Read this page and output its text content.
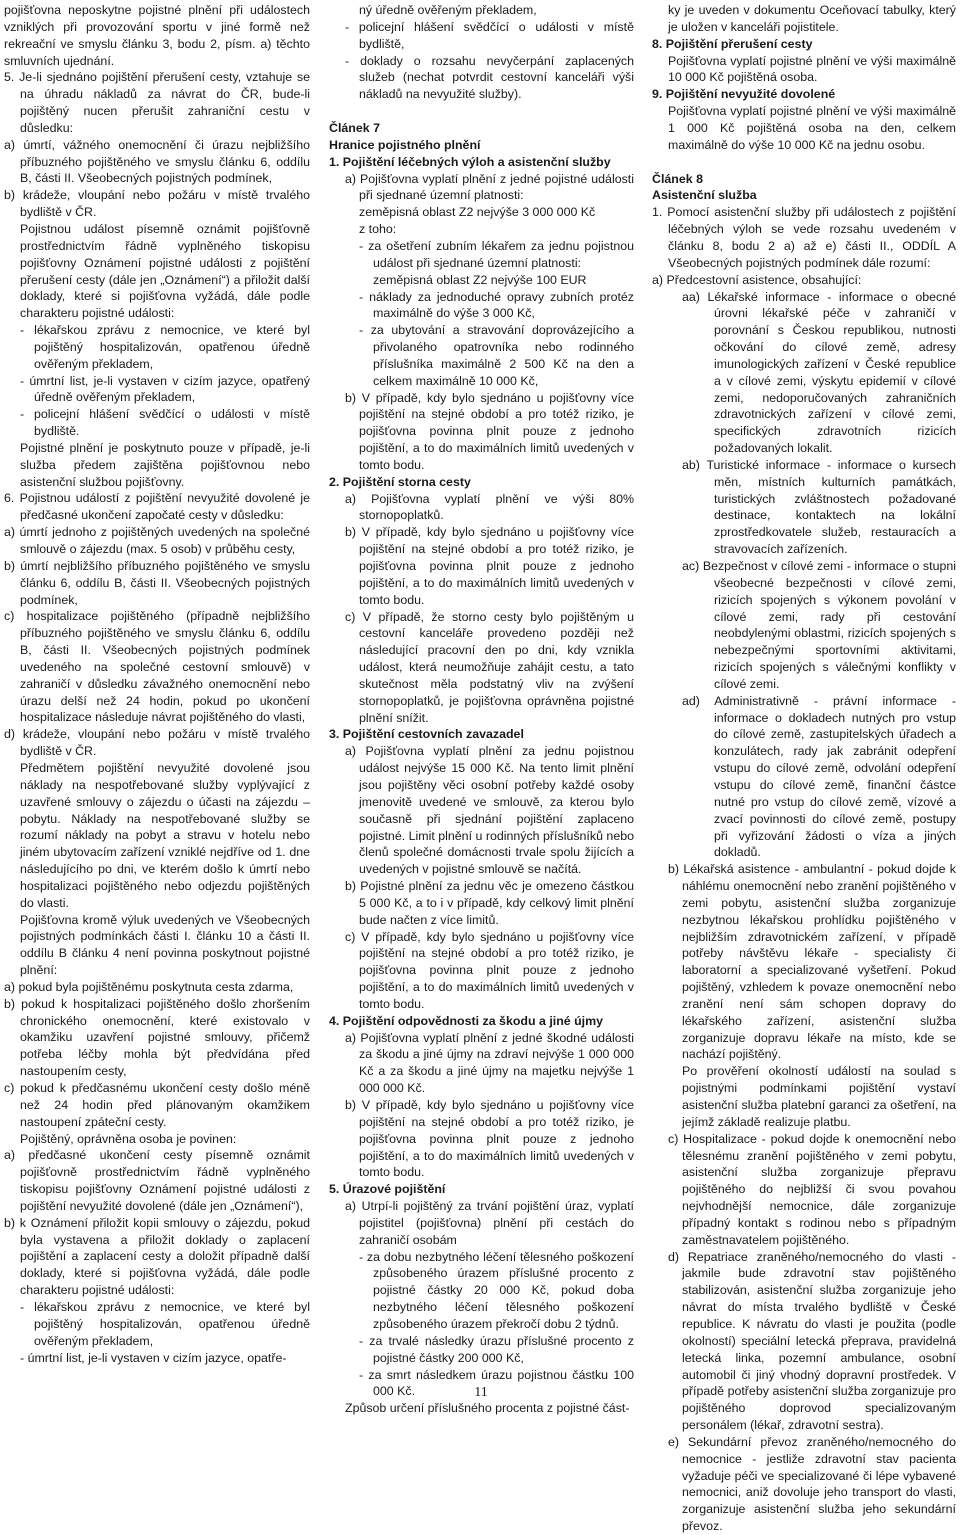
pojišťovna neposkytne pojistné plnění při událostech vzniklých při provozování sportu v jiné formě než rekreační ve smyslu článku 3, bodu 2, písm. a) těchto smluvních ujednání.

5. Je-li sjednáno pojištění přerušení cesty, vztahuje se na úhradu nákladů za návrat do ČR, bude-li pojištěný nucen přerušit zahraniční cestu v důsledku:

a) úmrtí, vážného onemocnění či úrazu nejbližšího příbuzného pojištěného ve smyslu článku 6, oddílu B, části II. Všeobecných pojistných podmínek,

b) krádeže, vloupání nebo požáru v místě trvalého bydliště v ČR.

Pojistnou událost písemně oznámit pojišťovně prostřednictvím řádně vyplněného tiskopisu pojišťovny Oznámení pojistné události z pojištění přerušení cesty (dále jen „Oznámení“) a přiložit další doklady, které si pojišťovna vyžádá, dále podle charakteru pojistné události:

- lékařskou zprávu z nemocnice, ve které byl pojištěný hospitalizován, opatřenou úředně ověřeným překladem,

- úmrtní list, je-li vystaven v cizím jazyce, opatřený úředně ověřeným překladem,

- policejní hlášení svědčící o události v místě bydliště.

Pojistné plnění je poskytnuto pouze v případě, je-li služba předem zajištěna pojišťovnou nebo asistenční službou pojišťovny.

6. Pojistnou událostí z pojištění nevyužité dovolené je předčasné ukončení započaté cesty v důsledku:

a) úmrtí jednoho z pojištěných uvedených na společné smlouvě o zájezdu (max. 5 osob) v průběhu cesty,

b) úmrtí nejbližšího příbuzného pojištěného ve smyslu článku 6, oddílu B, části II. Všeobecných pojistných podmínek,

c) hospitalizace pojištěného (případně nejbližšího příbuzného pojištěného ve smyslu článku 6, oddílu B, části II. Všeobecných pojistných podmínek uvedeného na společné cestovní smlouvě) v zahraničí v důsledku závažného onemocnění nebo úrazu delší než 24 hodin, pokud po ukončení hospitalizace následuje návrat pojištěného do vlasti,

d) krádeže, vloupání nebo požáru v místě trvalého bydliště v ČR.

Předmětem pojištění nevyužité dovolené jsou náklady na nespotřebované služby vyplývající z uzavřené smlouvy o zájezdu o účasti na zájezdu – pobytu. Náklady na nespotřebované služby se rozumí náklady na pobyt a stravu v hotelu nebo jiném ubytovacím zařízení vzniklé nejdříve od 1. dne následujícího po dni, ve kterém došlo k úmrtí nebo hospitalizaci pojištěného nebo odjezdu pojištěných do vlasti.

Pojišťovna kromě výluk uvedených ve Všeobecných pojistných podmínkách části I. článku 10 a části II. oddílu B článku 4 není povinna poskytnout pojistné plnění:

a) pokud byla pojištěnému poskytnuta cesta zdarma,

b) pokud k hospitalizaci pojištěného došlo zhoršením chronického onemocnění, které existovalo v okamžiku uzavření pojistné smlouvy, přičemž potřeba léčby mohla být předvídána před nastoupením cesty,

c) pokud k předčasnému ukončení cesty došlo méně než 24 hodin před plánovaným okamžikem nastoupení zpáteční cesty.

Pojištěný, oprávněna osoba je povinen:

a) předčasné ukončení cesty písemně oznámit pojišťovně prostřednictvím řádně vyplněného tiskopisu pojišťovny Oznámení pojistné události z pojištění nevyužité dovolené (dále jen „Oznámení“),

b) k Oznámení přiložit kopii smlouvy o zájezdu, pokud byla vystavena a přiložit doklady o zaplacení pojištění a zaplacení cesty a doložit případně další doklady, které si pojišťovna vyžádá, dále podle charakteru pojistné události:

- lékařskou zprávu z nemocnice, ve které byl pojištěný hospitalizován, opatřenou úředně ověřeným překladem,

- úmrtní list, je-li vystaven v cizím jazyce, opatře-

ný úředně ověřeným překladem,

- policejní hlášení svědčící o události v místě bydliště,

- doklady o rozsahu nevyčerpání zaplacených služeb (nechat potvrdit cestovní kanceláři výši nákladů na nevyužité služby).

Článek 7

Hranice pojistného plnění

1. Pojištění léčebných výloh a asistenční služby

a) Pojišťovna vyplatí plnění z jedné pojistné události při sjednané územní platnosti:

zeměpisná oblast Z2 nejvýše 3 000 000 Kč

z toho:

- za ošetření zubním lékařem za jednu pojistnou událost při sjednané územní platnosti:

zeměpisná oblast Z2 nejvýše 100 EUR

- náklady za jednoduché opravy zubních protéz maximálně do výše 3 000 Kč,

- za ubytování a stravování doprovázejícího a přivolaného opatrovníka nebo rodinného příslušníka maximálně 2 500 Kč na den a celkem maximálně 10 000 Kč,

b) V případě, kdy bylo sjednáno u pojišťovny více pojištění na stejné období a pro totéž riziko, je pojišťovna povinna plnit pouze z jednoho pojištění, a to do maximálních limitů uvedených v tomto bodu.

2. Pojištění storna cesty

a) Pojišťovna vyplatí plnění ve výši 80% stornopoplatků.

b) V případě, kdy bylo sjednáno u pojišťovny více pojištění na stejné období a pro totéž riziko, je pojišťovna povinna plnit pouze z jednoho pojištění, a to do maximálních limitů uvedených v tomto bodu.

c) V případě, že storno cesty bylo pojištěným u cestovní kanceláře provedeno později než následující pracovní den po dni, kdy vznikla událost, která neumožňuje zahájit cestu, a tato skutečnost měla podstatný vliv na zvýšení stornopoplatků, je pojišťovna oprávněna pojistné plnění snížit.

3. Pojištění cestovních zavazadel

a) Pojišťovna vyplatí plnění za jednu pojistnou událost nejvýše 15 000 Kč. Na tento limit plnění jsou pojištěny věci osobní potřeby každé osoby jmenovitě uvedené ve smlouvě, za kterou bylo současně při sjednání pojištění zaplaceno pojistné. Limit plnění u rodinných příslušníků nebo členů společné domácnosti trvale spolu žijících a uvedených v pojistné smlouvě se načítá.

b) Pojistné plnění za jednu věc je omezeno částkou 5 000 Kč, a to i v případě, kdy celkový limit plnění bude načten z více limitů.

c) V případě, kdy bylo sjednáno u pojišťovny více pojištění na stejné období a pro totéž riziko, je pojišťovna povinna plnit pouze z jednoho pojištění, a to do maximálních limitů uvedených v tomto bodu.

4. Pojištění odpovědnosti za škodu a jiné újmy

a) Pojišťovna vyplatí plnění z jedné škodné události za škodu a jiné újmy na zdraví nejvýše 1 000 000 Kč a za škodu a jiné újmy na majetku nejvýše 1 000 000 Kč.

b) V případě, kdy bylo sjednáno u pojišťovny více pojištění na stejné období a pro totéž riziko, je pojišťovna povinna plnit pouze z jednoho pojištění, a to do maximálních limitů uvedených v tomto bodu.

5. Úrazové pojištění

a) Utrpí-li pojištěný za trvání pojištění úraz, vyplatí pojistitel (pojišťovna) plnění při cestách do zahraničí osobám

- za dobu nezbytného léčení tělesného poškození způsobeného úrazem příslušné procento z pojistné částky 20 000 Kč, pokud doba nezbytného léčení tělesného poškození způsobeného úrazem překročí dobu 2 týdnů.

- za trvalé následky úrazu příslušné procento z pojistné částky 200 000 Kč,

- za smrt následkem úrazu pojistnou částku 100 000 Kč.

Způsob určení příslušného procenta z pojistné část-

ky je uveden v dokumentu Oceňovací tabulky, který je uložen v kanceláři pojistitele.

8. Pojištění přerušení cesty

Pojišťovna vyplatí pojistné plnění ve výši maximálně 10 000 Kč pojištěná osoba.

9. Pojištění nevyužité dovolené

Pojišťovna vyplatí pojistné plnění ve výši maximálně 1 000 Kč pojištěná osoba na den, celkem maximálně do výše 10 000 Kč na jednu osobu.

Článek 8

Asistenční služba

1. Pomocí asistenční služby při událostech z pojištění léčebných výloh se vede rozsahu uvedeném v článku 8, bodu 2 a) až e) části II., ODDÍL A Všeobecných pojistných podmínek dále rozumí:

a) Předcestovní asistence, obsahující:

aa) Lékařské informace - informace o obecné úrovni lékařské péče v zahraničí v porovnání s Českou republikou, nutnosti očkování do cílové země, adresy imunologických zařízení v České republice a v cílové zemi, výskytu epidemií v cílové zemi, nedoporučovaných zahraničních zdravotnických zařízení v cílové zemi, specifických zdravotních rizicích požadovaných lokalit.

ab) Turistické informace - informace o kursech měn, místních kulturních památkách, turistických zvláštnostech požadované destinace, kontaktech na lokální zprostředkovatele služeb, restauracích a stravovacích zařízeních.

ac) Bezpečnost v cílové zemi - informace o stupni všeobecné bezpečnosti v cílové zemi, rizicích spojených s výkonem povolání v cílové zemi, rady při cestování neobdylenými oblastmi, rizicích spojených s nebezpečnými sportovními aktivitami, rizicích spojených s válečnými konflikty v cílové zemi.

ad) Administrativně - právní informace - informace o dokladech nutných pro vstup do cílové země, zastupitelských úřadech a konzulátech, rady jak zabránit odepření vstupu do cílové země, odvolání odepření vstupu do cílové země, finanční částce nutné pro vstup do cílové země, vízové a zvací povinnosti do cílové země, postupy při vyřizování žádosti o víza a jiných dokladů.

b) Lékařská asistence - ambulantní - pokud dojde k náhlému onemocnění nebo zranění pojištěného v zemi pobytu, asistenční služba zorganizuje nezbytnou lékařskou prohlídku pojištěného v nejbližším zdravotnickém zařízení, v případě potřeby návštěvu lékaře - specialisty či laboratorní a specializované vyšetření. Pokud pojištěný, vzhledem k povaze onemocnění nebo zranění není sám schopen dopravy do lékařského zařízení, asistenční služba zorganizuje dopravu lékaře na místo, kde se nachází pojištěný.

Po prověření okolností událostí na soulad s pojistnými podmínkami pojištění vystaví asistenční služba platební garanci za ošetření, na jejímž základě realizuje platbu.

c) Hospitalizace - pokud dojde k onemocnění nebo tělesnému zranění pojištěného v zemi pobytu, asistenční služba zorganizuje přepravu pojištěného do nejbližší či svou povahou nejvhodnější nemocnice, dále zorganizuje případný kontakt s rodinou nebo s případným zaměstnavatelem pojištěného.

d) Repatriace zraněného/nemocného do vlasti - jakmile bude zdravotní stav pojištěného stabilizován, asistenční služba zorganizuje jeho návrat do místa trvalého bydliště v České republice. K návratu do vlasti je použita (podle okolností) speciální letecká přeprava, pravidelná letecká linka, pozemní ambulance, osobní automobil či jiný vhodný dopravní prostředek. V případě potřeby asistenční služba zorganizuje pro pojištěného doprovod specializovaným personálem (lékař, zdravotní sestra).

e) Sekundární převoz zraněného/nemocného do nemocnice - jestliže zdravotní stav pacienta vyžaduje péči ve specializované či lépe vybavené nemocnici, aniž dovoluje jeho transport do vlasti, zorganizuje asistenční služba jeho sekundární převoz.

11
